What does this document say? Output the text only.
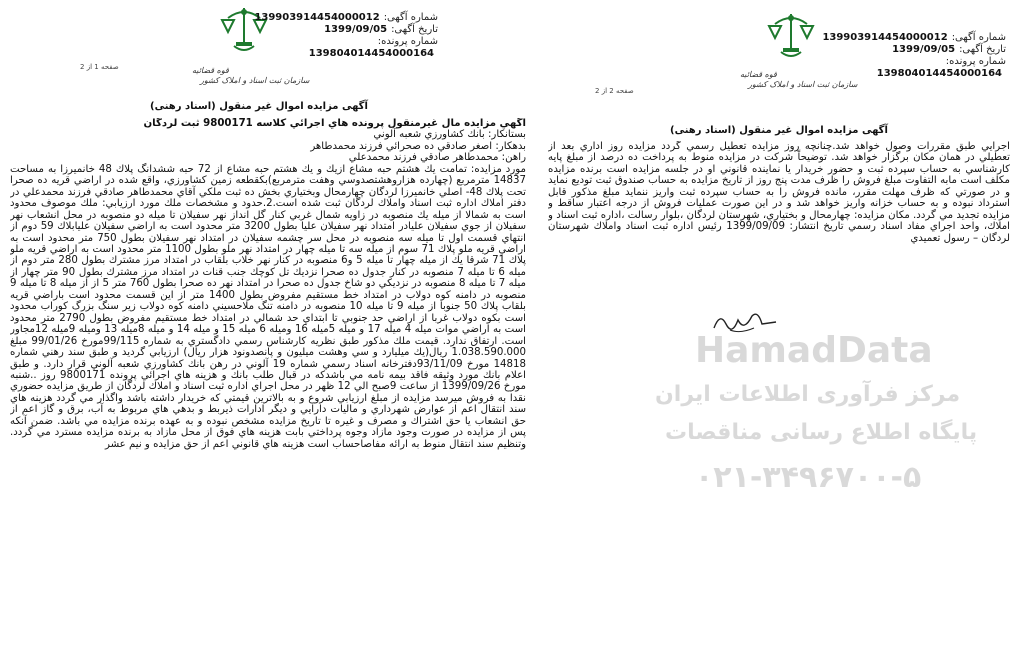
قوه قضائیه
سازمان ثبت اسناد و املاک کشور
شماره آگهی:
139903914454000012
تاریخ آگهی:
1399/09/05
شماره پرونده:
139804014454000164
صفحه 1 از 2
آگهی مزایده اموال غیر منقول (اسناد رهنی)

آگهي مزايده مال غيرمنقول پرونده هاي اجرائي كلاسه 9800171 ثبت لردگان

بستانكار: بانك كشاورزي شعبه آلوني

بدهكار: اصغر صادقي ده صحرائي فرزند محمدطاهر

راهن: محمدطاهر صادقي فرزند محمدعلي

مورد مزايده: تمامت يك هشتم حبه مشاع ازيك و يك هشتم حبه مشاع از 72 حبه ششدانگ پلاك 48 خانميرزا به مساحت 14837 مترمربع (چهارده هزاروهشتصدوسي وهفت مترمربع)بكقطعه زمين كشاورزي، واقع شده در اراضي قريه ده صحرا تحت پلاك 48- اصلي خانميرزا لردگان چهارمحال وبختياري بخش ده ثبت ملكي آقاي محمدطاهر صادقي فرزند محمدعلي در دفتر املاك اداره ثبت اسناد واملاك لردگان ثبت شده است.2.حدود و مشخصات ملك مورد ارزيابي: ملك موصوف محدود است به شمالا از ميله يك منصوبه در زاويه شمال غربي كنار گل انداز نهر سفيلان تا ميله دو منصوبه در محل انشعاب نهر سفيلان از جوي سفيلان عليادر امتداد نهر سفيلان عليا بطول 3200 متر محدود است به اراضي سفيلان عليابلاك 59 دوم از انتهاي قسمت اول تا ميله سه منصوبه در محل سر چشمه سفيلان در امتداد نهر سفيلان بطول 750 متر محدود است به اراضي قريه ملو پلاك 71 سوم از ميله سه تا ميله چهار در امتداد نهر ملو بطول 1100 متر محدود است به اراضي قريه ملو پلاك 71 شرقا يك از ميله چهار تا ميله 5 و6 منصوبه در كنار نهر خلاب بلقاب در امتداد مرز مشترك بطول 280 متر دوم از ميله 6 تا ميله 7 منصوبه در كنار جدول ده صحرا نزديك تل كوچك جنب قنات در امتداد مرز مشترك بطول 90 متر چهار از ميله 7 تا ميله 8 منصوبه در نزديكي دو شاخ جدول ده صحرا در امتداد نهر ده صحرا بطول 760 متر 5 از از ميله 8 تا ميله 9 منصوبه در دامنه كوه دولاب در امتداد خط مستقيم مفروض بطول 1400 متر از اين قسمت محدود است باراضي قريه بلقاب پلاك 50 جنوبا از ميله 9 تا ميله 10 منصوبه در دامنه تنگ ملاحسيني دامنه كوه دولاب زير سنگ بزرگ كوراب محدود است بكوه دولاب غربا از اراضي حد جنوبي تا ابتداي حد شمالي در امتداد خط مستقيم مفروض بطول 2790 متر محدود است به اراضي موات ميله 4 ميله 17 و ميله 5ميله 16 وميله 6 ميله 15 و ميله 14 و ميله 8ميله 13 وميله 9ميله 12مجاور است. ارتفاق ندارد. قيمت ملك مذكور طبق نظريه كارشناس رسمي دادگستري به شماره 99/115مورخ 99/01/26 مبلغ 1.038.590.000 ريال(يك ميليارد و سي وهشت ميليون و پانصدونود هزار ريال) ارزيابي گرديد و طبق سند رهني شماره 14818 مورخ 93/11/09دفترخانه اسناد رسمي شماره 19 آلوني در رهن بانك كشاورزي شعبه آلوني قرار دارد. و طبق اعلام بانك مورد وثيقه فاقد بيمه نامه مي باشدكه در قبال طلب بانك و هزينه هاي اجرائي پرونده 9800171 روز ..شنبه مورخ 1399/09/26 از ساعت 9صبح الي 12 ظهر در محل اجراي اداره ثبت اسناد و املاك لردگان از طريق مزايده حضوري نقدا به فروش ميرسد مزايده از مبلغ ارزيابي شروع و به بالاترين قيمتي كه خريدار داشته باشد واگذار مي گردد هزينه هاي سند انتقال اعم از عوارض شهرداري و ماليات دارايي و ديگر ادارات ذيربط و بدهي هاي مربوط به آب، برق و گاز اعم از حق انشعاب يا حق اشتراك و مصرف و غيره تا تاريخ مزايده مشخص نبوده و به عهده برنده مزايده مي باشد. ضمن آنكه پس از مزايده در صورت وجود مازاد وجوه پرداختي بابت هزينه هاي فوق از محل مازاد به برنده مزايده مسترد مي گردد. وتنظيم سند انتقال منوط به ارائه مفاصاحساب است هزينه هاي قانوني اعم از حق مزايده و نيم عشر

قوه قضائیه
سازمان ثبت اسناد و املاک کشور
شماره آگهی:
139903914454000012
تاریخ آگهی:
1399/09/05
شماره پرونده:
139804014454000164
صفحه 2 از 2
آگهی مزایده اموال غیر منقول (اسناد رهنی)

اجرايي طبق مقررات وصول خواهد شد.چنانچه روز مزايده تعطيل رسمي گردد مزايده روز اداري بعد از تعطيلي در همان مكان برگزار خواهد شد. توضيحاً شركت در مزايده منوط به پرداخت ده درصد از مبلغ پايه كارشناسي به حساب سپرده ثبت و حضور خريدار يا نماينده قانوني او در جلسه مزايده است برنده مزايده مكلف است مابه التفاوت مبلغ فروش را ظرف مدت پنج روز از تاريخ مزايده به حساب صندوق ثبت توديع نمايد و در صورتي كه ظرف مهلت مقرر، مانده فروش را به حساب سپرده ثبت واريز ننمايد مبلغ مذكور قابل استرداد نبوده و به حساب خزانه واريز خواهد شد و در اين صورت عمليات فروش از درجه اعتبار ساقط و مزايده تجديد مي گردد. مكان مزايده: چهارمحال و بختياري، شهرستان لردگان ،بلوار رسالت ،اداره ثبت اسناد و املاك، واحد اجراي مفاد اسناد رسمي تاريخ انتشار: 1399/09/09 رئيس اداره ثبت اسناد واملاك شهرستان لردگان – رسول تعميدي

HamadData
مرکز فرآوری اطلاعات ایران
پایگاه اطلاع رسانی مناقصات
۰۲۱-۳۴۹۶۷۰۰-۵
